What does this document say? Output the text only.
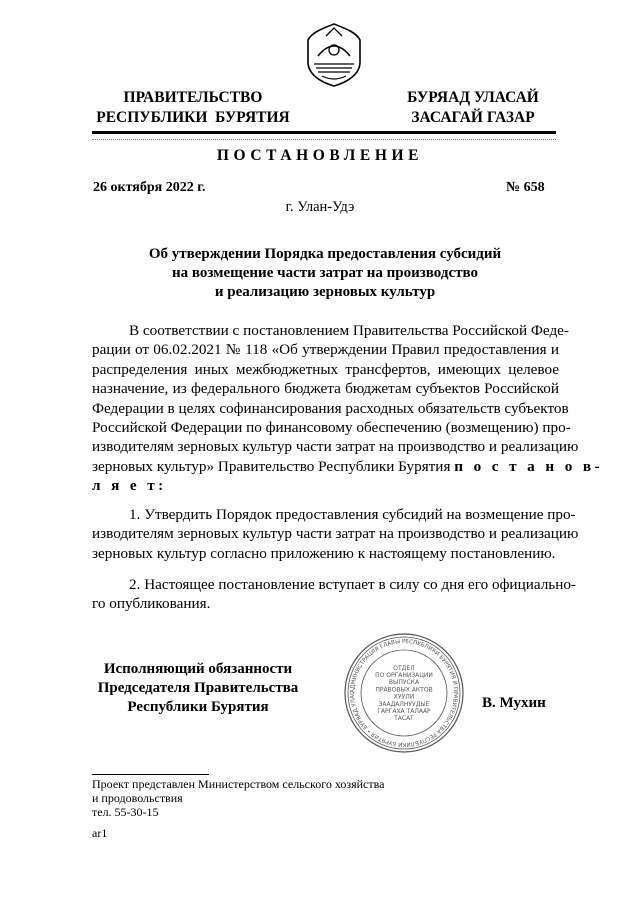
ПРАВИТЕЛЬСТВО
РЕСПУБЛИКИ  БУРЯТИЯ
БУРЯАД УЛАСАЙ
ЗАСАГАЙ ГАЗАР
ПОСТАНОВЛЕНИЕ
26 октября 2022 г.	№ 658
г. Улан-Удэ
Об утверждении Порядка предоставления субсидий
на возмещение части затрат на производство
и реализацию зерновых культур
В соответствии с постановлением Правительства Российской Феде-
рации от 06.02.2021 № 118 «Об утверждении Правил предоставления и
распределения иных межбюджетных трансфертов, имеющих целевое
назначение, из федерального бюджета бюджетам субъектов Российской
Федерации в целях софинансирования расходных обязательств субъектов
Российской Федерации по финансовому обеспечению (возмещению) про-
изводителям зерновых культур части затрат на производство и реализацию
зерновых культур» Правительство Республики Бурятия п о с т а н о в-
л я е т:
1. Утвердить Порядок предоставления субсидий на возмещение про-
изводителям зерновых культур части затрат на производство и реализацию
зерновых культур согласно приложению к настоящему постановлению.
2. Настоящее постановление вступает в силу со дня его официально-
го опубликования.
Исполняющий обязанности
Председателя Правительства
Республики Бурятия
АДМИНИСТРАЦИЯ ГЛАВЫ РЕСПУБЛИКИ БУРЯТИЯ И ПРАВИТЕЛЬСТВА РЕСПУБЛИКИ БУРЯТИЯ • БУРЯАД УЛАС
ОТДЕЛ
ПО ОРГАНИЗАЦИИ
ВЫПУСКА
ПРАВОВЫХ АКТОВ
ХУУЛИ
ЗААДАЛНУУДЫЕ
ГАРГАХА ТАЛААР
ТАСАГ
В. Мухин
Проект представлен Министерством сельского хозяйства
и продовольствия
тел. 55-30-15
ar1
